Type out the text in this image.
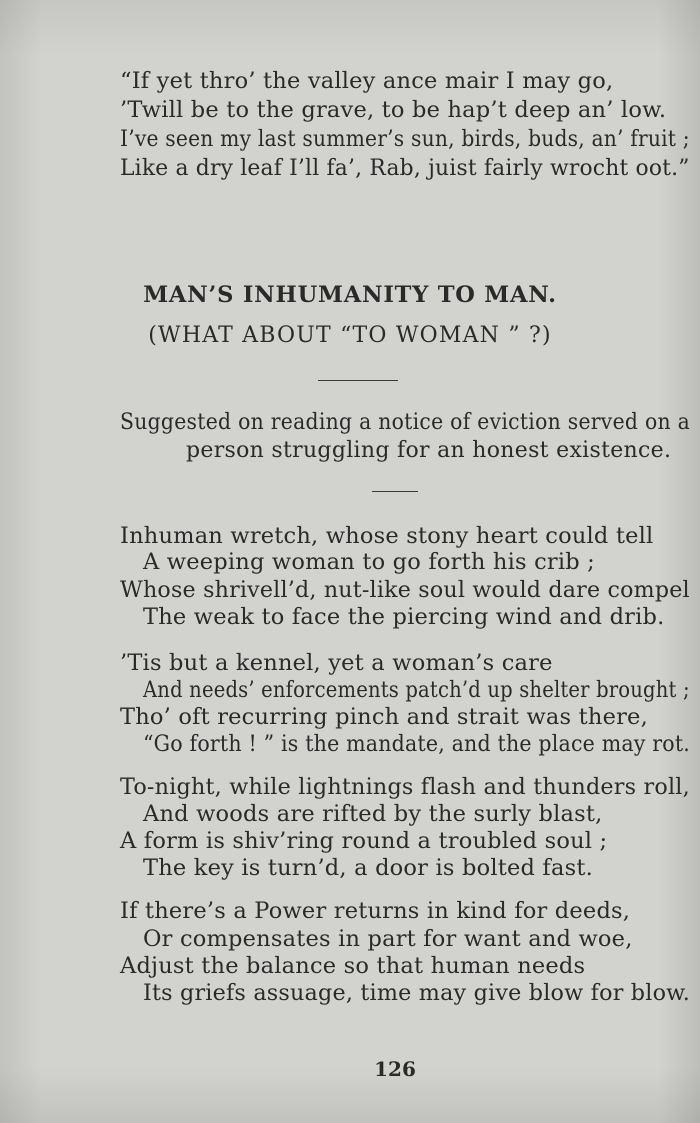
“If yet thro’ the valley ance mair I may go,
’Twill be to the grave, to be hap’t deep an’ low.
I’ve seen my last summer’s sun, birds, buds, an’ fruit ;
Like a dry leaf I’ll fa’, Rab, juist fairly wrocht oot.”
MAN’S INHUMANITY TO MAN.
(WHAT ABOUT “TO WOMAN ” ?)
Suggested on reading a notice of eviction served on a
person struggling for an honest existence.
Inhuman wretch, whose stony heart could tell
A weeping woman to go forth his crib ;
Whose shrivell’d, nut-like soul would dare compel
The weak to face the piercing wind and drib.
’Tis but a kennel, yet a woman’s care
And needs’ enforcements patch’d up shelter brought ;
Tho’ oft recurring pinch and strait was there,
“Go forth ! ” is the mandate, and the place may rot.
To-night, while lightnings flash and thunders roll,
And woods are rifted by the surly blast,
A form is shiv’ring round a troubled soul ;
The key is turn’d, a door is bolted fast.
If there’s a Power returns in kind for deeds,
Or compensates in part for want and woe,
Adjust the balance so that human needs
Its griefs assuage, time may give blow for blow.
126
